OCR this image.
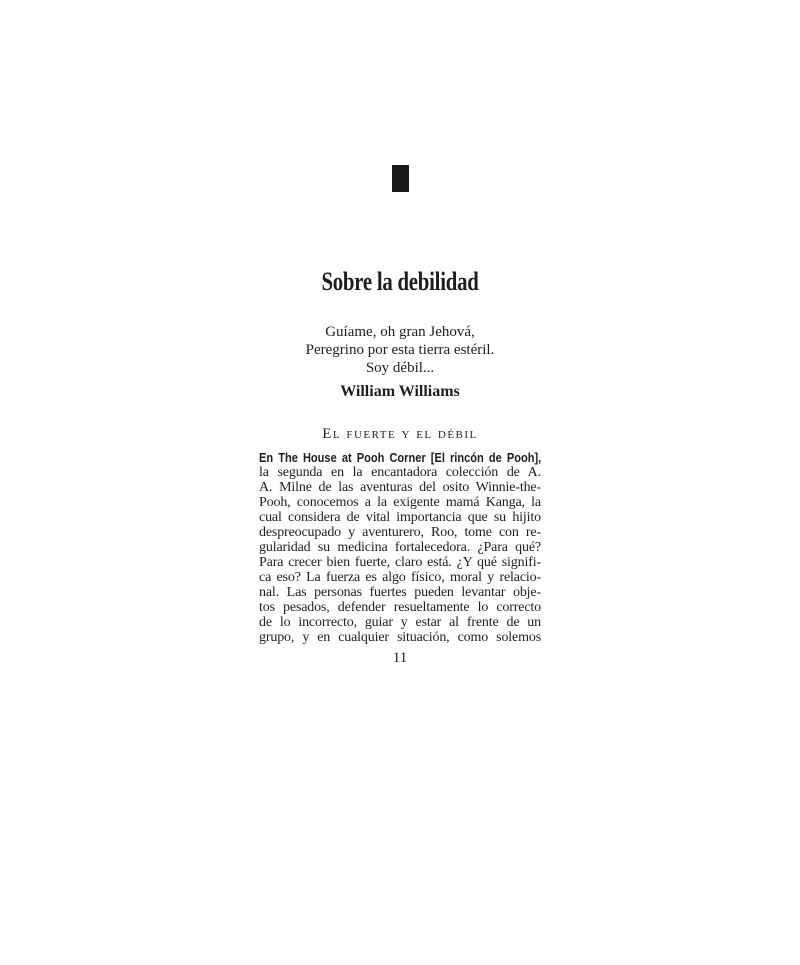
Sobre la debilidad
Guíame, oh gran Jehová,
Peregrino por esta tierra estéril.
Soy débil...
William Williams
El fuerte y el débil
En The House at Pooh Corner [El rincón de Pooh],
la segunda en la encantadora colección de A.
A. Milne de las aventuras del osito Winnie-the-
Pooh, conocemos a la exigente mamá Kanga, la
cual considera de vital importancia que su hijito
despreocupado y aventurero, Roo, tome con re-
gularidad su medicina fortalecedora. ¿Para qué?
Para crecer bien fuerte, claro está. ¿Y qué signifi-
ca eso? La fuerza es algo físico, moral y relacio-
nal. Las personas fuertes pueden levantar obje-
tos pesados, defender resueltamente lo correcto
de lo incorrecto, guiar y estar al frente de un
grupo, y en cualquier situación, como solemos
11
